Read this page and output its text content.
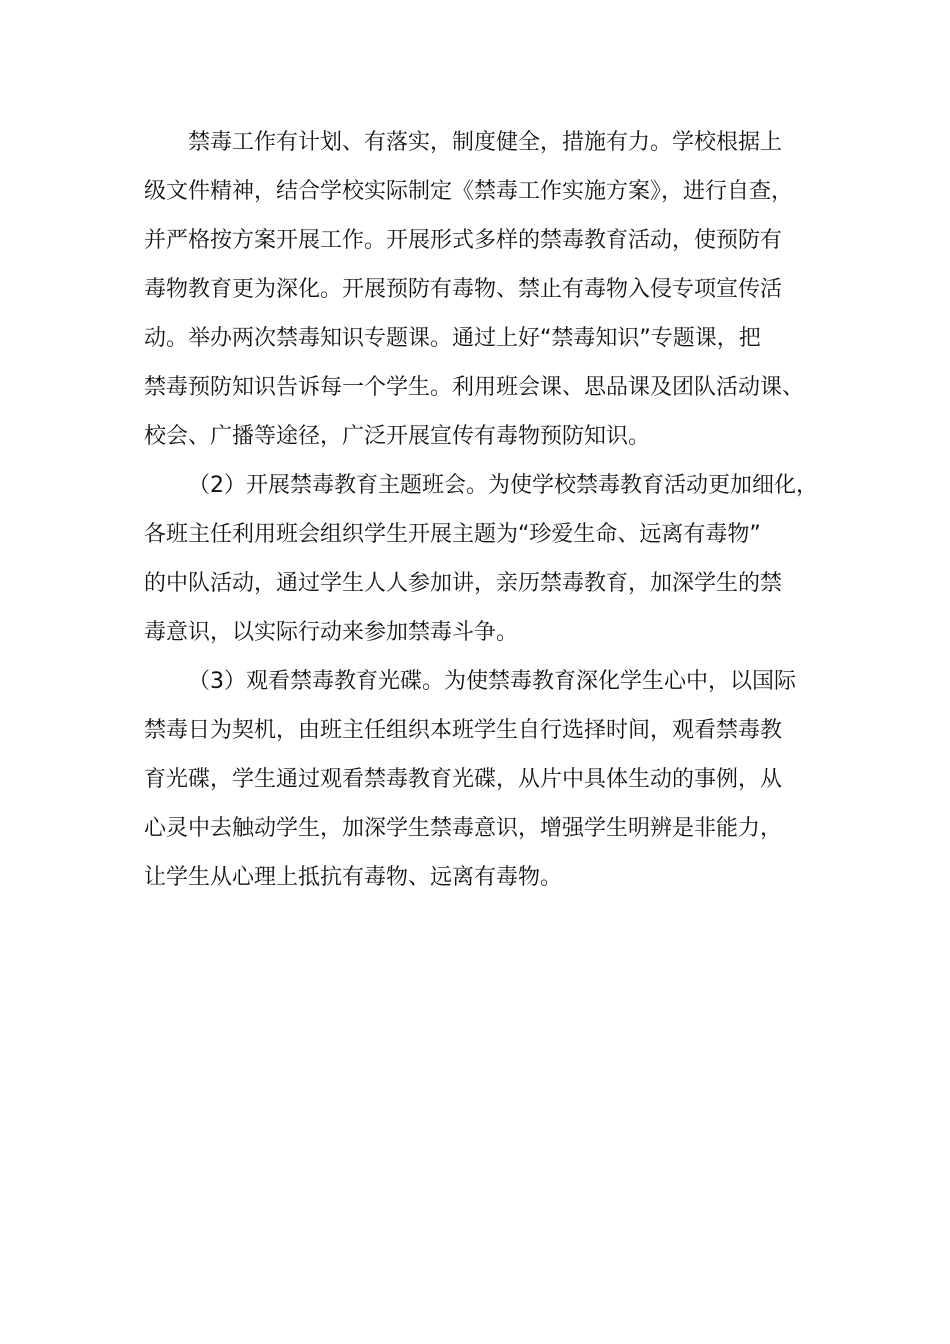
禁毒工作有计划、有落实，制度健全，措施有力。学校根据上
级文件精神，结合学校实际制定《禁毒工作实施方案》，进行自查，
并严格按方案开展工作。开展形式多样的禁毒教育活动，使预防有
毒物教育更为深化。开展预防有毒物、禁止有毒物入侵专项宣传活
动。举办两次禁毒知识专题课。通过上好“禁毒知识”专题课，把
禁毒预防知识告诉每一个学生。利用班会课、思品课及团队活动课、
校会、广播等途径，广泛开展宣传有毒物预防知识。
（2）开展禁毒教育主题班会。为使学校禁毒教育活动更加细化，
各班主任利用班会组织学生开展主题为“珍爱生命、远离有毒物”
的中队活动，通过学生人人参加讲，亲历禁毒教育，加深学生的禁
毒意识，以实际行动来参加禁毒斗争。
（3）观看禁毒教育光碟。为使禁毒教育深化学生心中，以国际
禁毒日为契机，由班主任组织本班学生自行选择时间，观看禁毒教
育光碟，学生通过观看禁毒教育光碟，从片中具体生动的事例，从
心灵中去触动学生，加深学生禁毒意识，增强学生明辨是非能力，
让学生从心理上抵抗有毒物、远离有毒物。
